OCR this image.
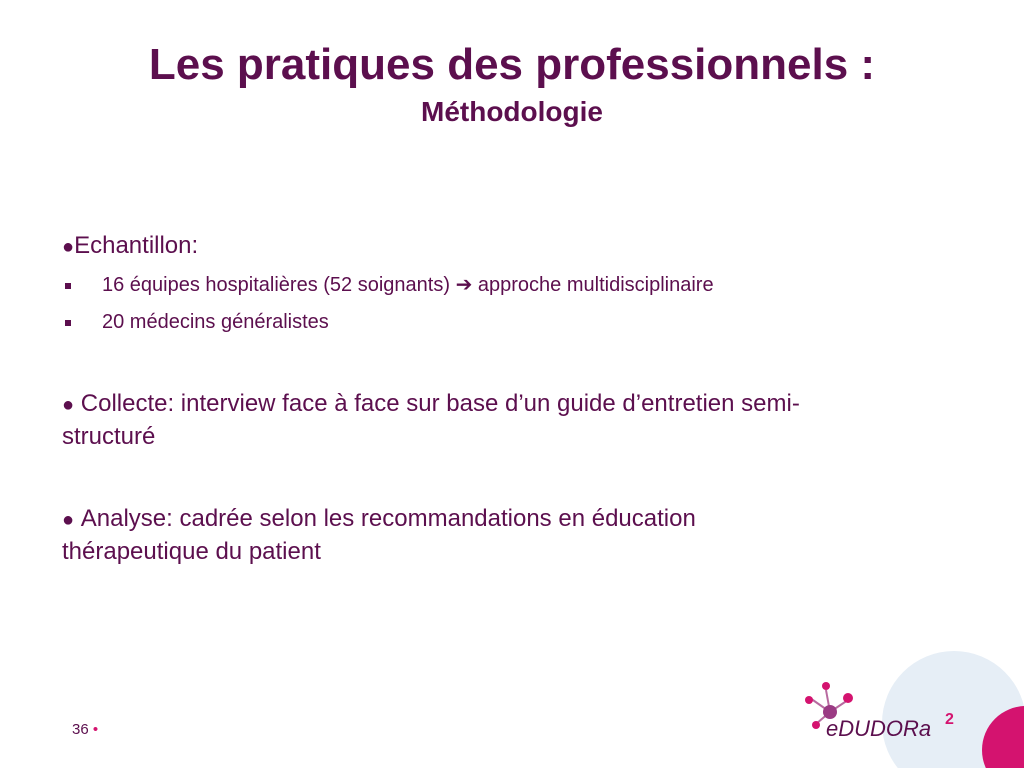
Les pratiques des professionnels :
Méthodologie
●Echantillon:
16 équipes hospitalières (52 soignants) ➔ approche multidisciplinaire
20 médecins généralistes
● Collecte: interview face à face sur base d’un guide d’entretien semi-
structuré
● Analyse: cadrée selon les recommandations en éducation
thérapeutique du patient
36 •	eDUDORa 2
